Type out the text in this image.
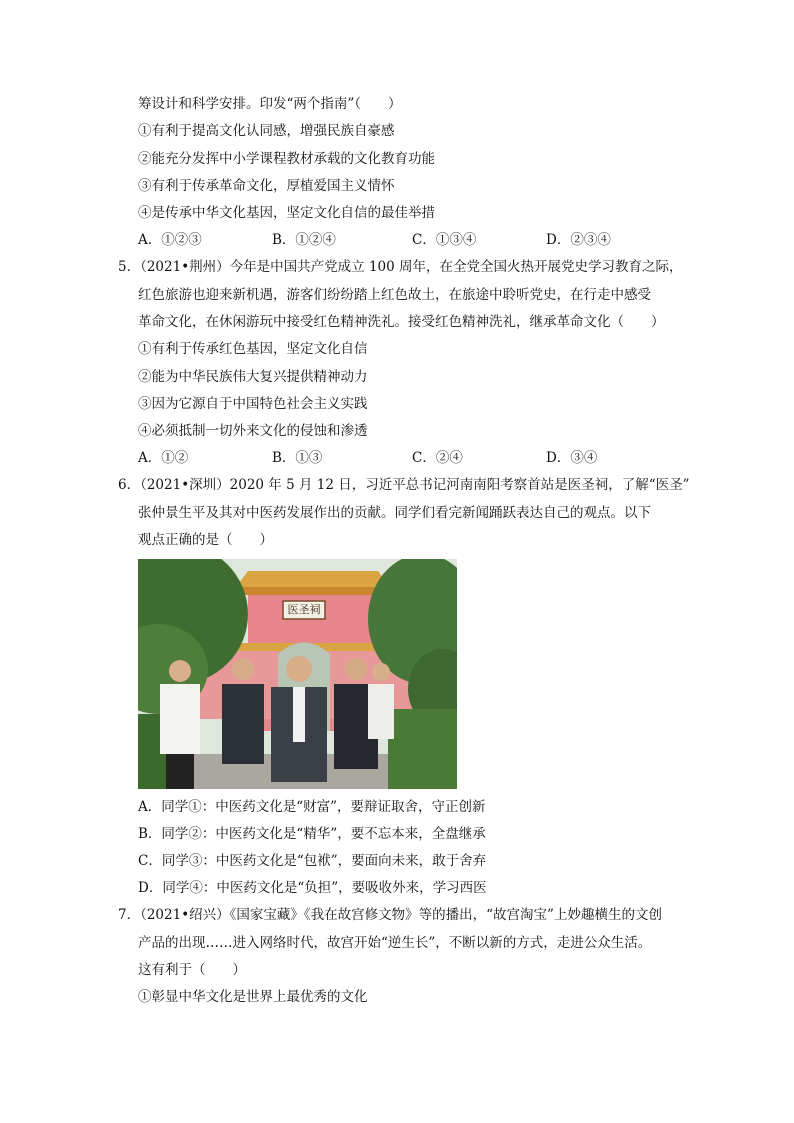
筹设计和科学安排。印发“两个指南”（　　）
①有利于提高文化认同感，增强民族自豪感
②能充分发挥中小学课程教材承载的文化教育功能
③有利于传承革命文化，厚植爱国主义情怀
④是传承中华文化基因，坚定文化自信的最佳举措
A．①②③	B．①②④	C．①③④	D．②③④
5．（2021•荆州）今年是中国共产党成立 100 周年，在全党全国火热开展党史学习教育之际，
红色旅游也迎来新机遇，游客们纷纷踏上红色故土，在旅途中聆听党史，在行走中感受
革命文化，在休闲游玩中接受红色精神洗礼。接受红色精神洗礼，继承革命文化（　　）
①有利于传承红色基因，坚定文化自信
②能为中华民族伟大复兴提供精神动力
③因为它源自于中国特色社会主义实践
④必须抵制一切外来文化的侵蚀和渗透
A．①②	B．①③	C．②④	D．③④
6．（2021•深圳）2020 年 5 月 12 日，习近平总书记河南南阳考察首站是医圣祠，了解“医圣”
张仲景生平及其对中医药发展作出的贡献。同学们看完新闻踊跃表达自己的观点。以下
观点正确的是（　　）
医圣祠
A．同学①：中医药文化是“财富”，要辩证取舍，守正创新
B．同学②：中医药文化是“精华”，要不忘本来，全盘继承
C．同学③：中医药文化是“包袱”，要面向未来，敢于舍弃
D．同学④：中医药文化是“负担”，要吸收外来，学习西医
7．（2021•绍兴）《国家宝藏》《我在故宫修文物》等的播出，“故宫淘宝”上妙趣横生的文创
产品的出现……进入网络时代，故宫开始“逆生长”，不断以新的方式，走进公众生活。
这有利于（　　）
①彰显中华文化是世界上最优秀的文化
